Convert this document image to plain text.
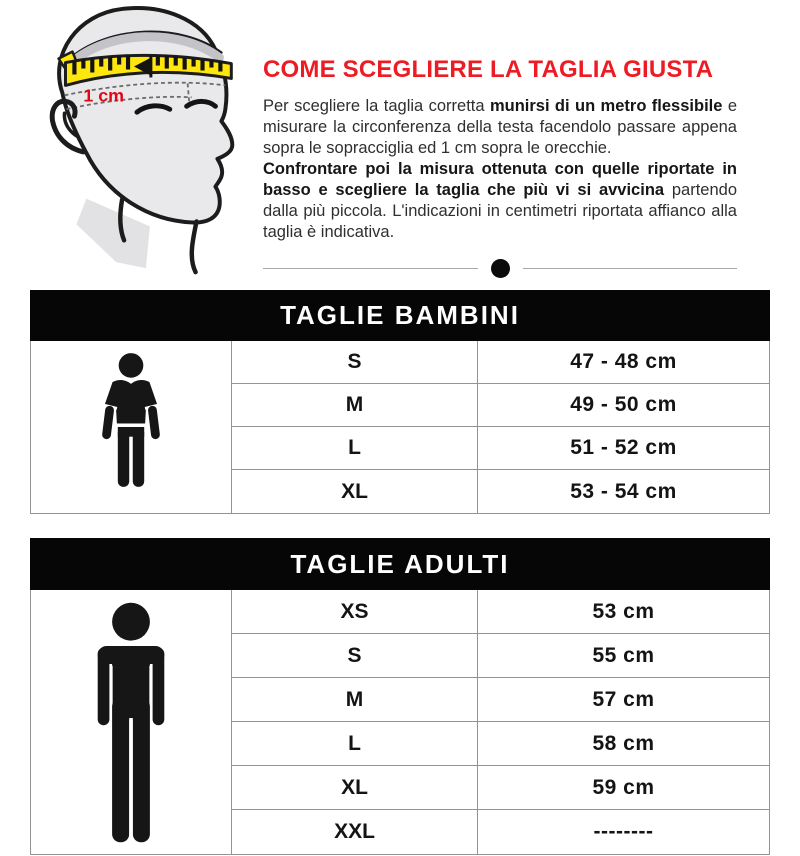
1 cm
COME SCEGLIERE LA TAGLIA GIUSTA

Per scegliere la taglia corretta munirsi di un metro flessibile e misurare la circonferenza della testa facendolo passare appena sopra le sopracciglia ed 1 cm sopra le orecchie.

Confrontare poi la misura ottenuta con quelle riportate in basso e scegliere la taglia che più vi si avvicina partendo dalla più piccola. L'indicazioni in centimetri riportata affianco alla taglia è indicativa.

TAGLIE BAMBINI
S	47 - 48 cm
M	49 - 50 cm
L	51 - 52 cm
XL	53 - 54 cm
TAGLIE ADULTI
XS	53 cm
S	55 cm
M	57 cm
L	58 cm
XL	59 cm
XXL	--------
